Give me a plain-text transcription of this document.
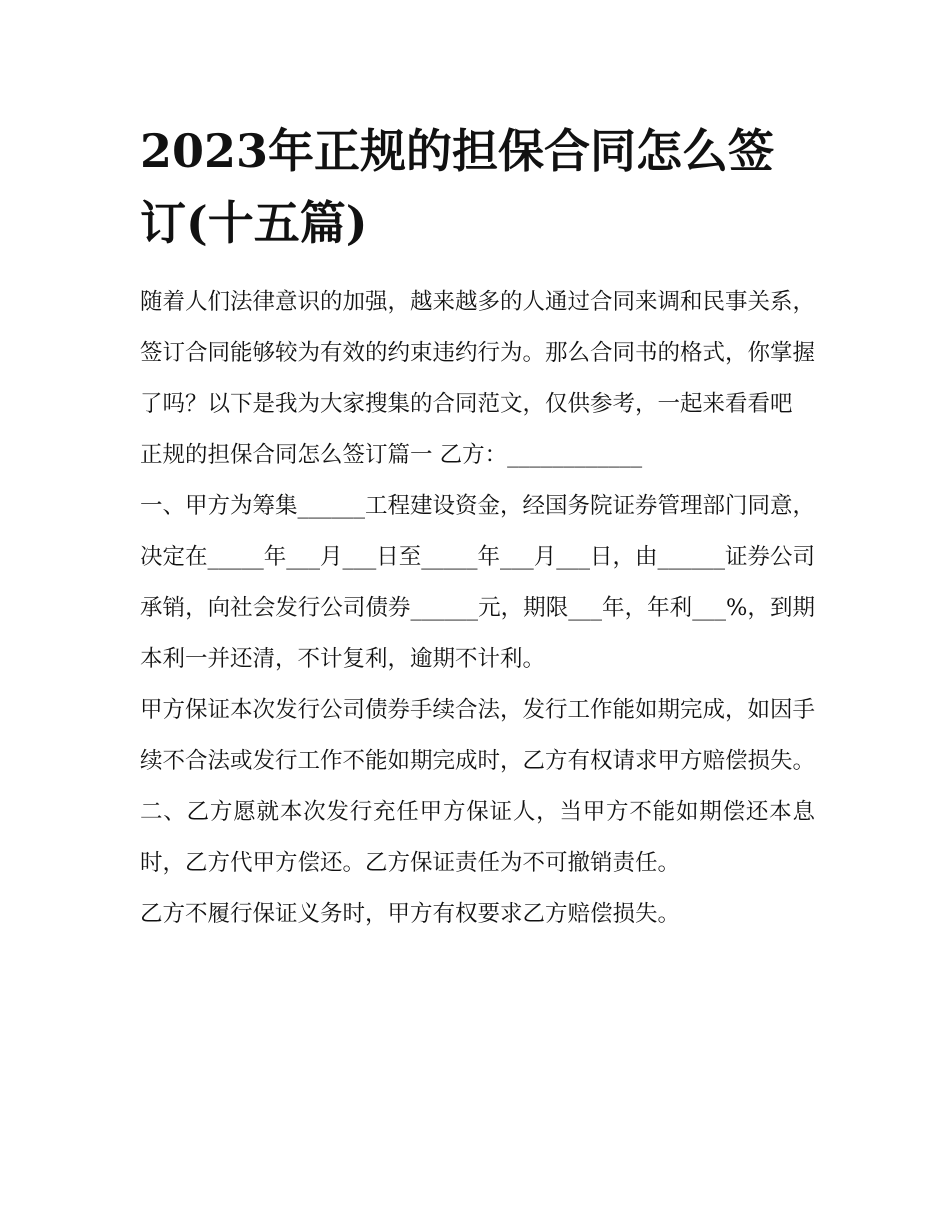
2023年正规的担保合同怎么签订(十五篇)

随着人们法律意识的加强，越来越多的人通过合同来调和民事关系，签订合同能够较为有效的约束违约行为。那么合同书的格式，你掌握了吗？以下是我为大家搜集的合同范文，仅供参考，一起来看看吧

正规的担保合同怎么签订篇一 乙方：____________

一、甲方为筹集______工程建设资金，经国务院证券管理部门同意，决定在_____年___月___日至_____年___月___日，由______证券公司承销，向社会发行公司债券______元，期限___年，年利___%，到期本利一并还清，不计复利，逾期不计利。

甲方保证本次发行公司债券手续合法，发行工作能如期完成，如因手续不合法或发行工作不能如期完成时，乙方有权请求甲方赔偿损失。

二、乙方愿就本次发行充任甲方保证人，当甲方不能如期偿还本息时，乙方代甲方偿还。乙方保证责任为不可撤销责任。

乙方不履行保证义务时，甲方有权要求乙方赔偿损失。
